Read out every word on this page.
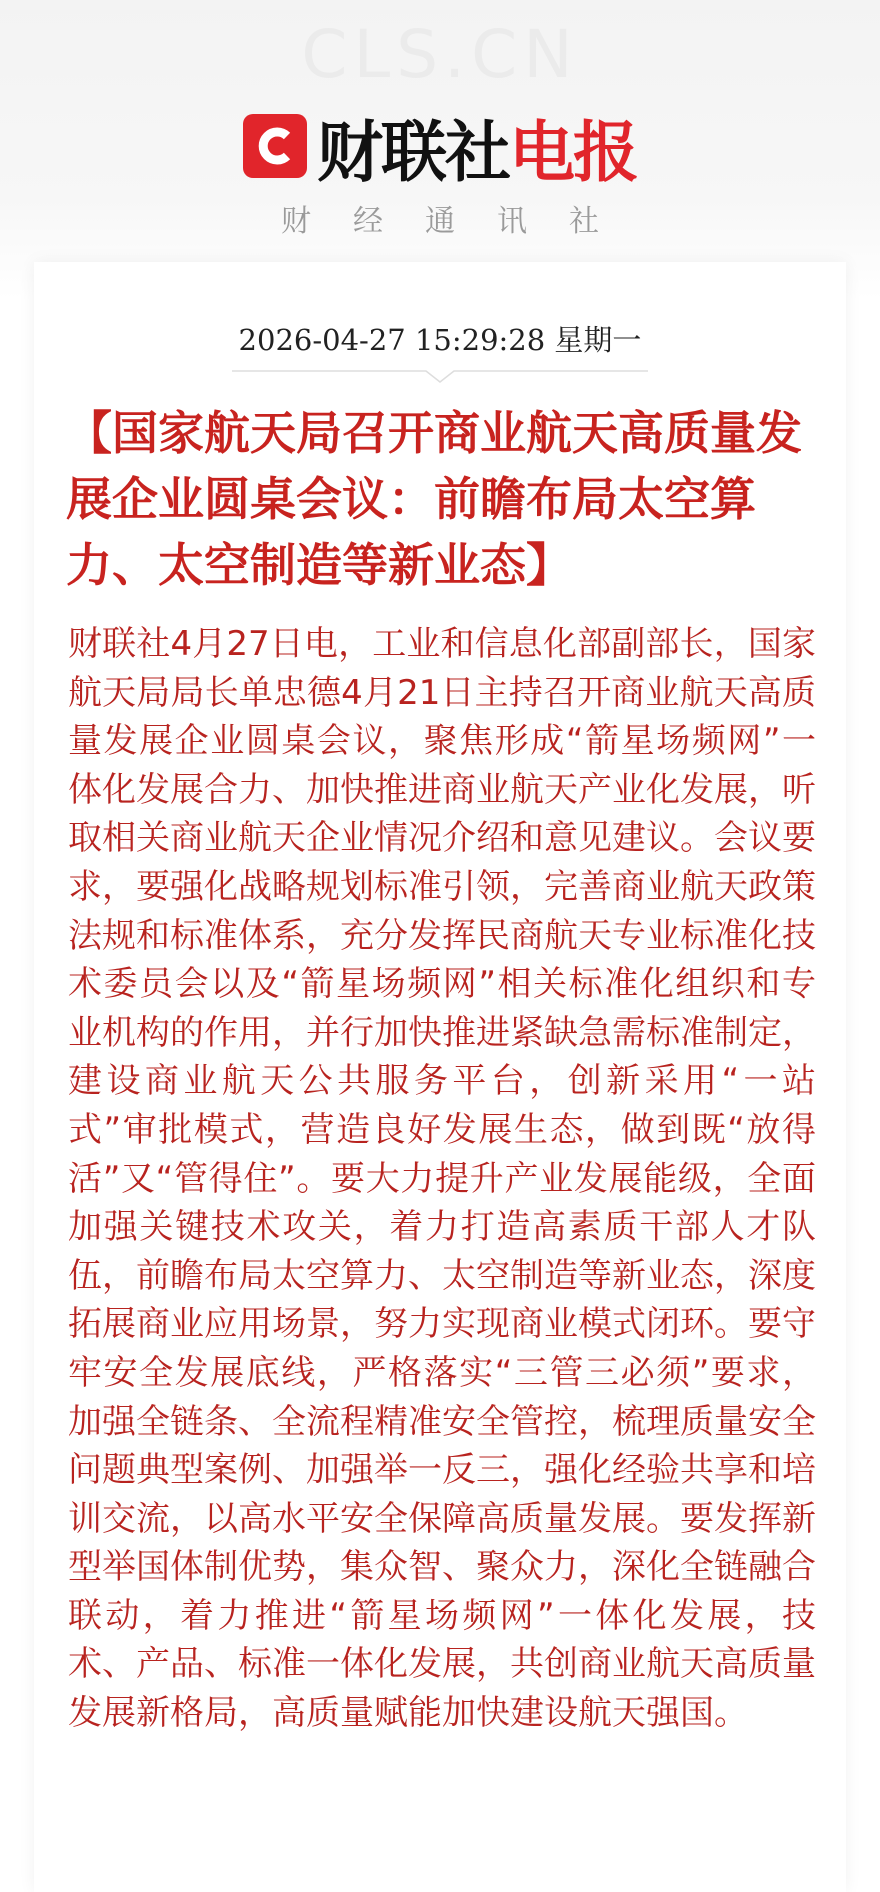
CLS.CN
财联社 电报
财经通讯社
2026-04-27 15:29:28 星期一
【国家航天局召开商业航天高质量发展企业圆桌会议：前瞻布局太空算力、太空制造等新业态】

财联社4月27日电，工业和信息化部副部长，国家航天局局长单忠德4月21日主持召开商业航天高质量发展企业圆桌会议，聚焦形成“箭星场频网”一体化发展合力、加快推进商业航天产业化发展，听取相关商业航天企业情况介绍和意见建议。会议要求，要强化战略规划标准引领，完善商业航天政策法规和标准体系，充分发挥民商航天专业标准化技术委员会以及“箭星场频网”相关标准化组织和专业机构的作用，并行加快推进紧缺急需标准制定，建设商业航天公共服务平台，创新采用“一站式”审批模式，营造良好发展生态，做到既“放得活”又“管得住”。要大力提升产业发展能级，全面加强关键技术攻关，着力打造高素质干部人才队伍，前瞻布局太空算力、太空制造等新业态，深度拓展商业应用场景，努力实现商业模式闭环。要守牢安全发展底线，严格落实“三管三必须”要求，加强全链条、全流程精准安全管控，梳理质量安全问题典型案例、加强举一反三，强化经验共享和培训交流，以高水平安全保障高质量发展。要发挥新型举国体制优势，集众智、聚众力，深化全链融合联动，着力推进“箭星场频网”一体化发展，技术、产品、标准一体化发展，共创商业航天高质量发展新格局，高质量赋能加快建设航天强国。
